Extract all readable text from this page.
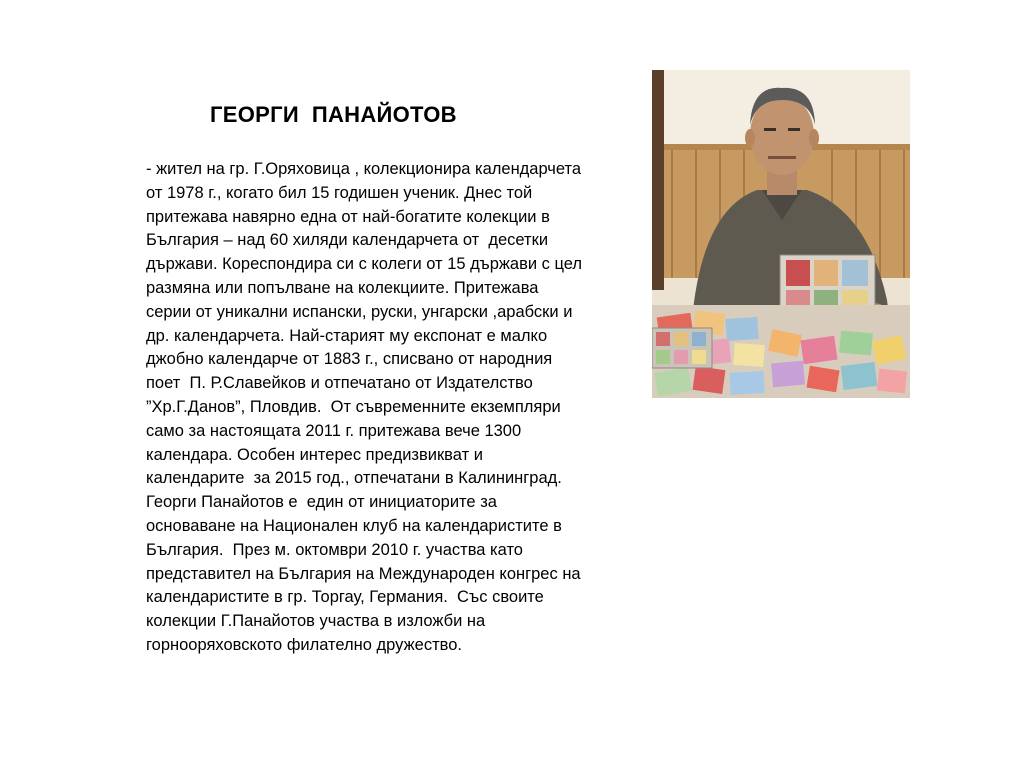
ГЕОРГИ  ПАНАЙОТОВ
- жител на гр. Г.Оряховица , колекционира календарчета
от 1978 г., когато бил 15 годишен ученик. Днес той
притежава навярно една от най-богатите колекции в
България – над 60 хиляди календарчета от  десетки
държави. Кореспондира си с колеги от 15 държави с цел
размяна или попълване на колекциите. Притежава
серии от уникални испански, руски, унгарски ,арабски и
др. календарчета. Най-старият му експонат е малко
джобно календарче от 1883 г., списвано от народния
поет  П. Р.Славейков и отпечатано от Издателство
”Хр.Г.Данов”, Пловдив.  От съвременните екземпляри
само за настоящата 2011 г. притежава вече 1300
календара. Особен интерес предизвикват и
календарите  за 2015 год., отпечатани в Калининград.
Георги Панайотов е  един от инициаторите за
основаване на Национален клуб на календаристите в
България.  През м. октомври 2010 г. участва като
представител на България на Международен конгрес на
календаристите в гр. Торгау, Германия.  Със своите
колекции Г.Панайотов участва в изложби на
горнооряховското филателно дружество.
